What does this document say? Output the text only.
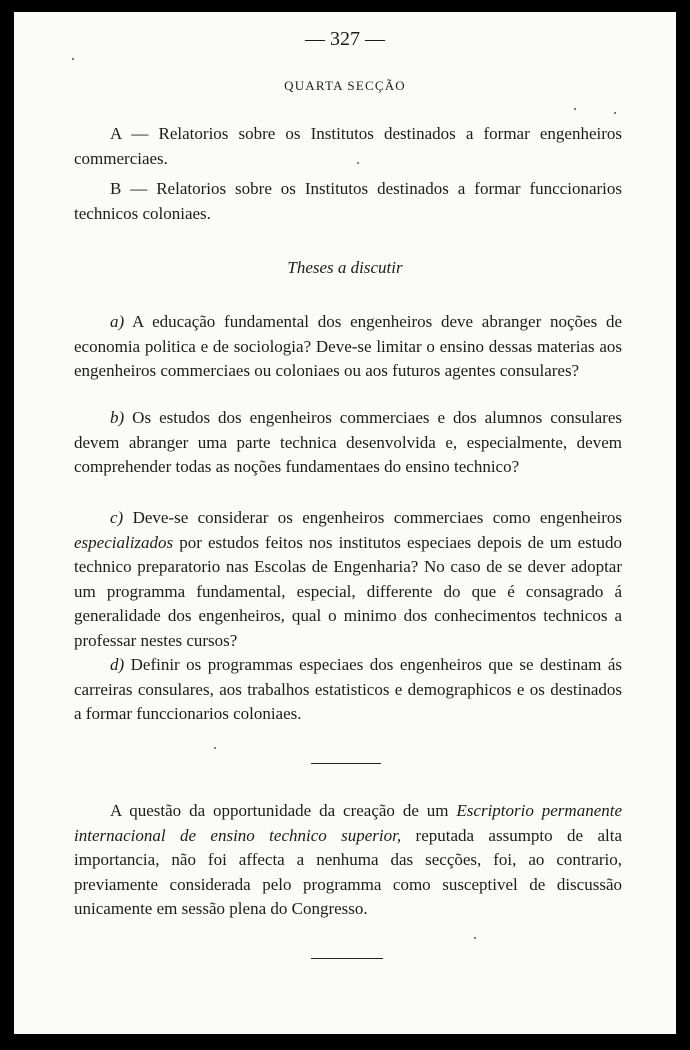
— 327 —
QUARTA SECÇÃO

A — Relatorios sobre os Institutos destinados a formar engenheiros commerciaes.

B — Relatorios sobre os Institutos destinados a formar funccionarios technicos coloniaes.

Theses a discutir

a) A educação fundamental dos engenheiros deve abranger noções de economia politica e de sociologia? Deve-se limitar o ensino dessas materias aos engenheiros commerciaes ou coloniaes ou aos futuros agentes consulares?

b) Os estudos dos engenheiros commerciaes e dos alumnos consulares devem abranger uma parte technica desenvolvida e, especialmente, devem comprehender todas as noções fundamentaes do ensino technico?

c) Deve-se considerar os engenheiros commerciaes como engenheiros especializados por estudos feitos nos institutos especiaes depois de um estudo technico preparatorio nas Escolas de Engenharia? No caso de se dever adoptar um programma fundamental, especial, differente do que é consagrado á generalidade dos engenheiros, qual o minimo dos conhecimentos technicos a professar nestes cursos?

d) Definir os programmas especiaes dos engenheiros que se destinam ás carreiras consulares, aos trabalhos estatisticos e demographicos e os destinados a formar funccionarios coloniaes.

A questão da opportunidade da creação de um Escriptorio permanente internacional de ensino technico superior, reputada assumpto de alta importancia, não foi affecta a nenhuma das secções, foi, ao contrario, previamente considerada pelo programma como susceptivel de discussão unicamente em sessão plena do Congresso.
